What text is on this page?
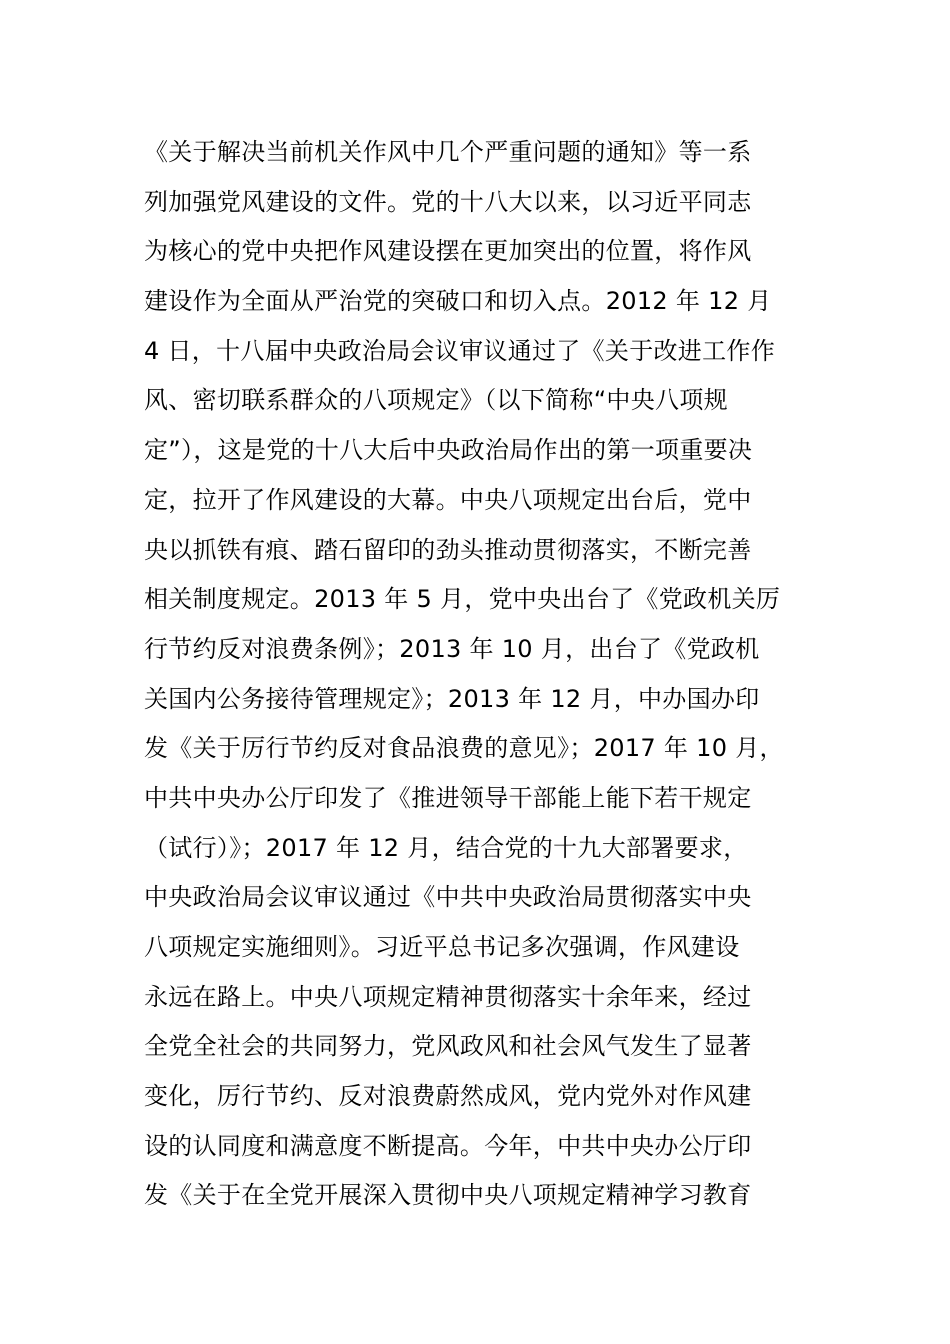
《关于解决当前机关作风中几个严重问题的通知》等一系
列加强党风建设的文件。党的十八大以来，以习近平同志
为核心的党中央把作风建设摆在更加突出的位置，将作风
建设作为全面从严治党的突破口和切入点。2012 年 12 月
4 日，十八届中央政治局会议审议通过了《关于改进工作作
风、密切联系群众的八项规定》（以下简称“中央八项规
定”），这是党的十八大后中央政治局作出的第一项重要决
定，拉开了作风建设的大幕。中央八项规定出台后，党中
央以抓铁有痕、踏石留印的劲头推动贯彻落实，不断完善
相关制度规定。2013 年 5 月，党中央出台了《党政机关厉
行节约反对浪费条例》；2013 年 10 月，出台了《党政机
关国内公务接待管理规定》；2013 年 12 月，中办国办印
发《关于厉行节约反对食品浪费的意见》；2017 年 10 月，
中共中央办公厅印发了《推进领导干部能上能下若干规定
（试行）》；2017 年 12 月，结合党的十九大部署要求，
中央政治局会议审议通过《中共中央政治局贯彻落实中央
八项规定实施细则》。习近平总书记多次强调，作风建设
永远在路上。中央八项规定精神贯彻落实十余年来，经过
全党全社会的共同努力，党风政风和社会风气发生了显著
变化，厉行节约、反对浪费蔚然成风，党内党外对作风建
设的认同度和满意度不断提高。今年，中共中央办公厅印
发《关于在全党开展深入贯彻中央八项规定精神学习教育
